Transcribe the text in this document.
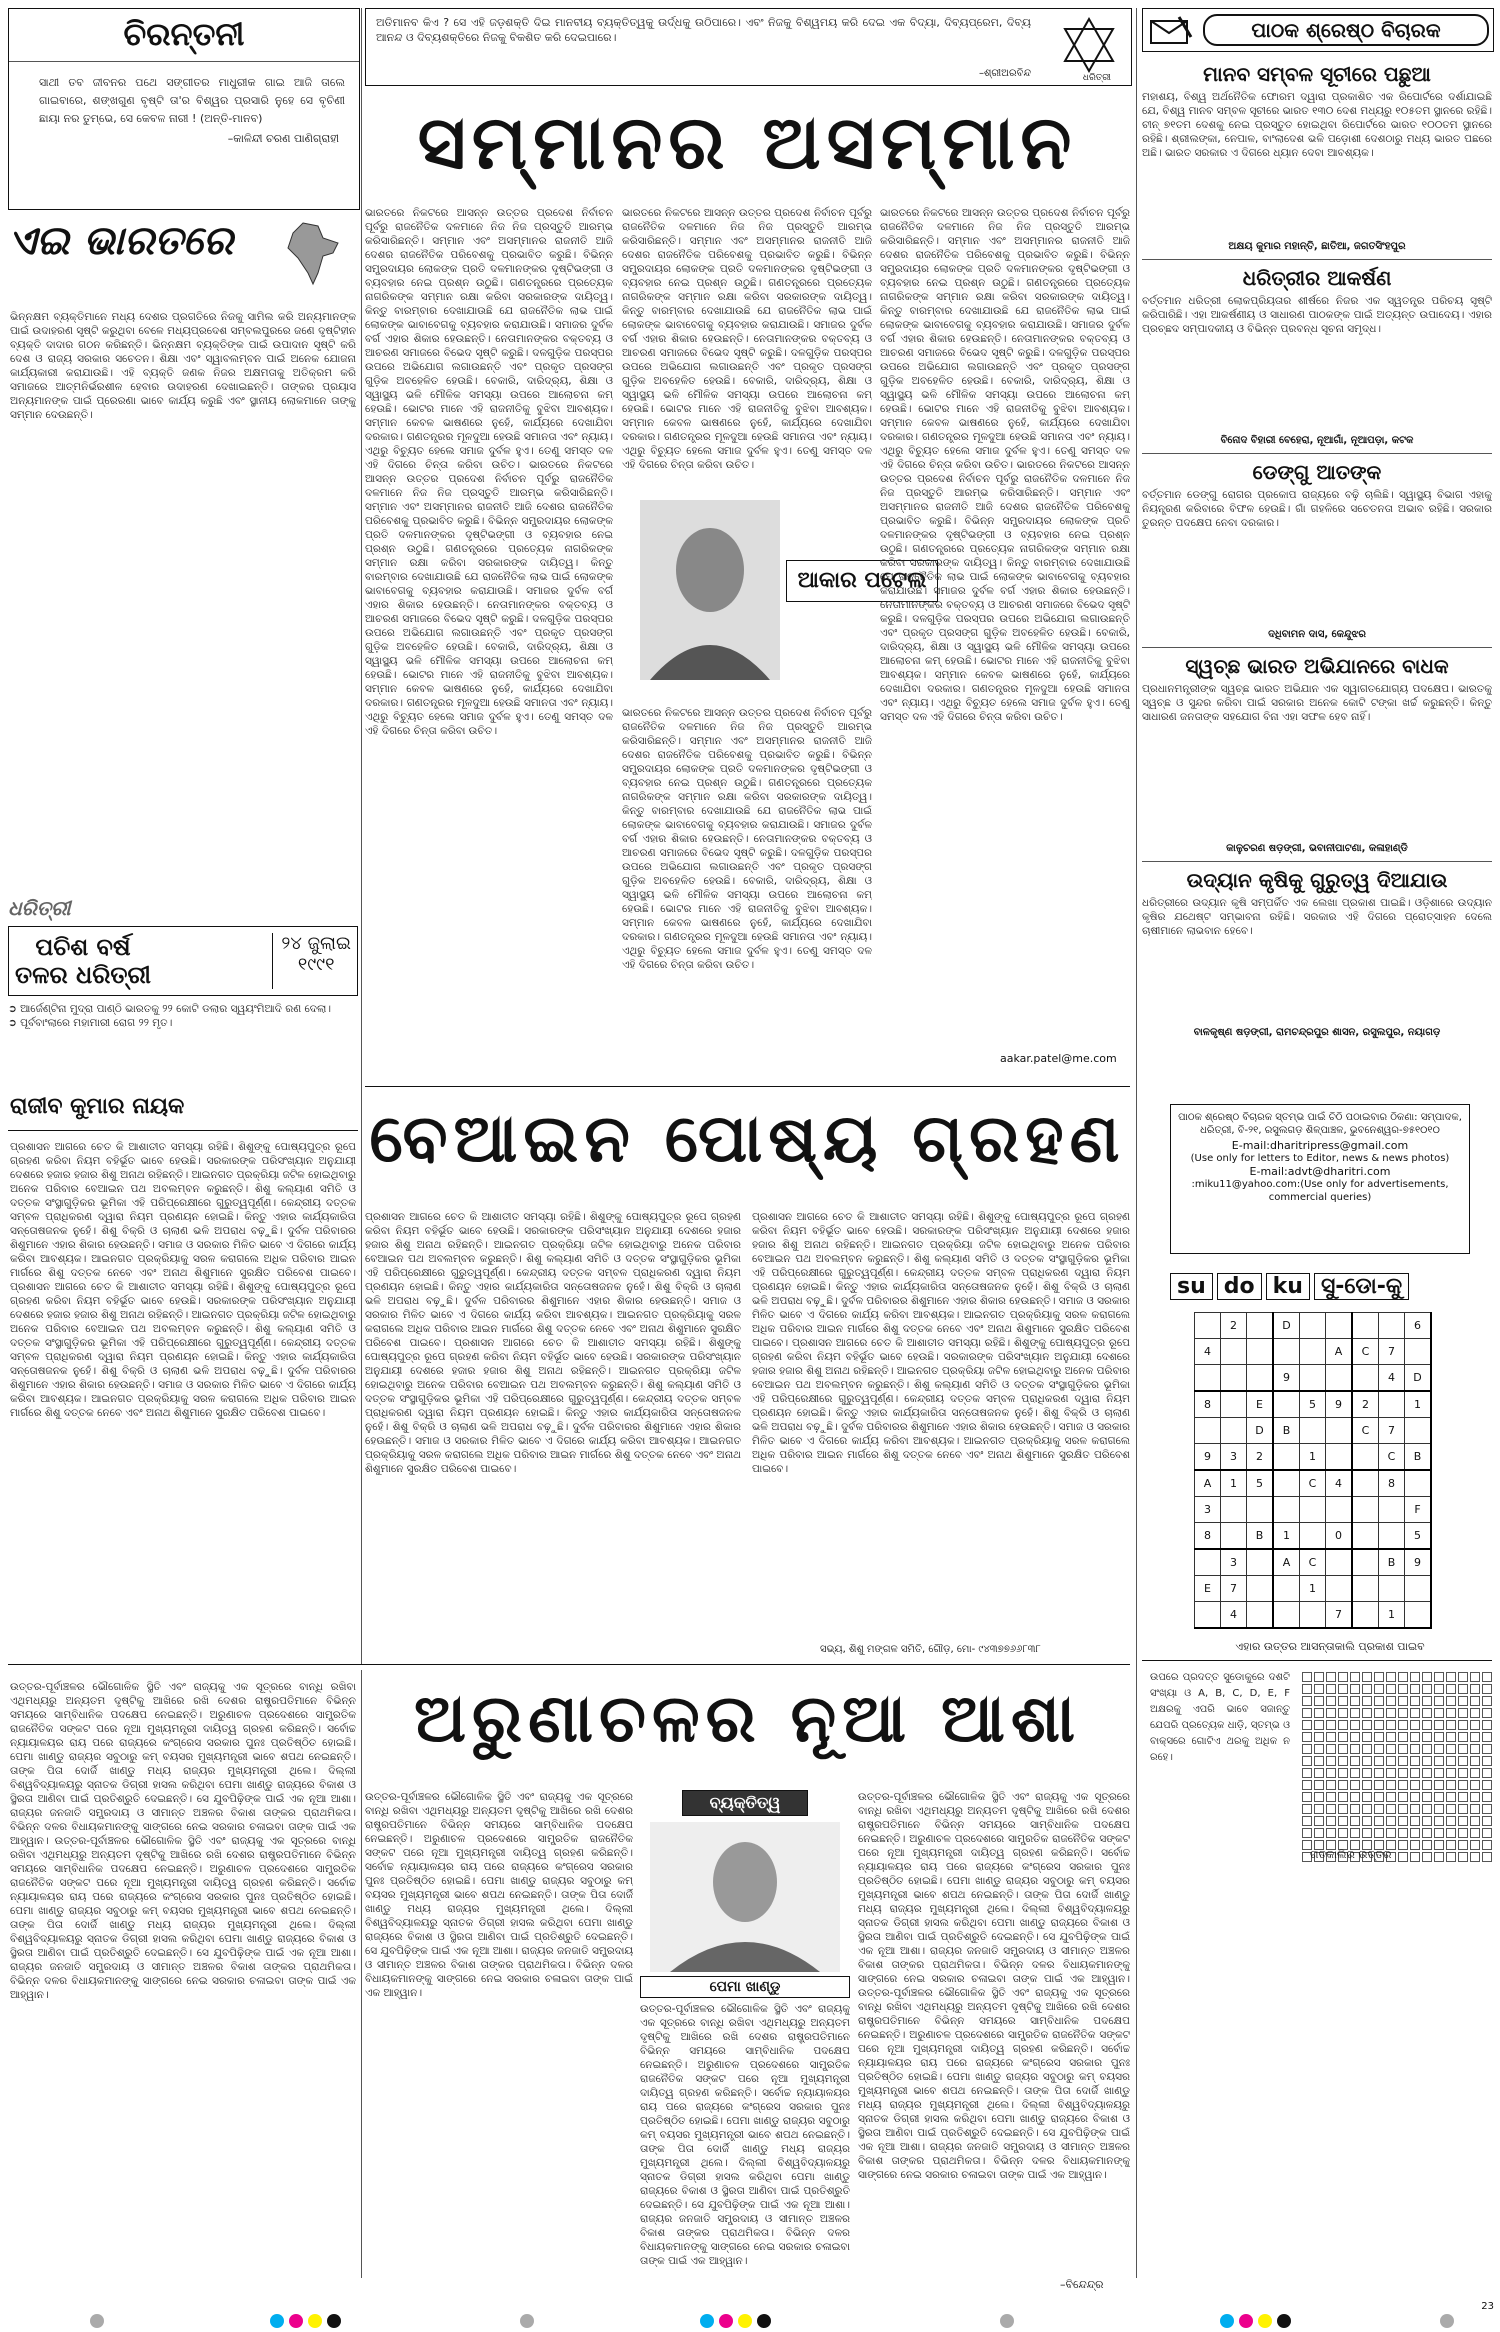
ଚିରନ୍ତନୀ
ସାଥୀ ତବ ଜୀବନର ପଥେ ସଙ୍ଗୀତର ମାଧୁରୀକ ଗାଇ ଆଜି ତାଲେ ଗାଇବାରେ, ଶଙ୍ଖଗୁଣ ବୃଷ୍ଟି ତା'ର ବିଶ୍ୱର ପ୍ରସାରି ନୁହେ ସେ ବୃଚିଣୀ ଛାୟା ନର ତୁମ୍ଭେ, ସେ କେବଳ ନାରୀ ! (ଅନ୍ତି-ମାନବ)
–କାଳିନ୍ଦୀ ଚରଣ ପାଣିଗ୍ରାହୀ
ଏଇ ଭାରତରେ
ଭିନ୍ନକ୍ଷମ ବ୍ୟକ୍ତିମାନେ ମଧ୍ୟ ଦେଶର ପ୍ରଗତିରେ ନିଜକୁ ସାମିଲ କରି ଅନ୍ୟମାନଙ୍କ ପାଇଁ ଉଦାହରଣ ସୃଷ୍ଟି କରୁଥିବା ବେଳେ ମଧ୍ୟପ୍ରଦେଶ ସମ୍ବଲପୁରରେ ଜଣେ ଦୃଷ୍ଟିହୀନ ବ୍ୟକ୍ତି ଦାଦାର ଗଠନ କରିଛନ୍ତି। ଭିନ୍ନକ୍ଷମ ବ୍ୟକ୍ତିଙ୍କ ପାଇଁ ଉପାଦାନ ସୃଷ୍ଟି କରି ଦେଶ ଓ ରାଜ୍ୟ ସରକାର ସଚେତନ। ଶିକ୍ଷା ଏବଂ ସ୍ୱାବଲମ୍ବନ ପାଇଁ ଅନେକ ଯୋଜନା କାର୍ଯ୍ୟକାରୀ କରାଯାଉଛି। ଏହି ବ୍ୟକ୍ତି ଜଣକ ନିଜର ଅକ୍ଷମତାକୁ ଅତିକ୍ରମ କରି ସମାଜରେ ଆତ୍ମନିର୍ଭରଶୀଳ ହେବାର ଉଦାହରଣ ଦେଖାଇଛନ୍ତି। ତାଙ୍କର ପ୍ରୟାସ ଅନ୍ୟମାନଙ୍କ ପାଇଁ ପ୍ରେରଣା ଭାବେ କାର୍ଯ୍ୟ କରୁଛି ଏବଂ ସ୍ଥାନୀୟ ଲୋକମାନେ ତାଙ୍କୁ ସମ୍ମାନ ଦେଉଛନ୍ତି।
ଧରିତ୍ରୀ
ପଚିଶ ବର୍ଷ
ତଳର ଧରିତ୍ରୀ
୨୪ ଜୁଲାଇ
୧୯୯୧
➲ ଆର୍ଜେଣ୍ଟିନା ମୁଦ୍ରା ପାଣ୍ଠି ଭାରତକୁ ୨୨ କୋଟି ଡଲାର ସ୍ୱୟଂମିଆଦି ରଣ ଦେଲା।
➲ ପୂର୍ବବାଂଲାରେ ମହାମାରୀ ରୋଗ ୨୨ ମୃତ।
ଅତିମାନବ କିଏ ? ସେ ଏହି ଜଡ଼ଶକ୍ତି ଦିଇ ମାନବୀୟ ବ୍ୟକ୍ତିତ୍ୱକୁ ଉର୍ଦ୍ଧକୁ ଉଠିପାରେ। ଏବଂ ନିଜକୁ ବିଶ୍ୱମୟ କରି ଦେଇ ଏକ ବିଦ୍ୟା, ଦିବ୍ୟପ୍ରେମ, ଦିବ୍ୟ ଆନନ୍ଦ ଓ ଦିବ୍ୟଶକ୍ତିରେ ନିଜକୁ ବିକଶିତ କରି ଦେଇପାରେ।
–ଶ୍ରୀଅରବିନ୍ଦ	ଧରିତ୍ରୀ
ସମ୍ମାନର ଅସମ୍ମାନ
ଭାରତରେ ନିକଟରେ ଆସନ୍ନ ଉତ୍ତର ପ୍ରଦେଶ ନିର୍ବାଚନ ପୂର୍ବରୁ ରାଜନୈତିକ ଦଳମାନେ ନିଜ ନିଜ ପ୍ରସ୍ତୁତି ଆରମ୍ଭ କରିସାରିଛନ୍ତି। ସମ୍ମାନ ଏବଂ ଅସମ୍ମାନର ରାଜନୀତି ଆଜି ଦେଶର ରାଜନୈତିକ ପରିବେଶକୁ ପ୍ରଭାବିତ କରୁଛି। ବିଭିନ୍ନ ସମ୍ପ୍ରଦାୟର ଲୋକଙ୍କ ପ୍ରତି ଦଳମାନଙ୍କର ଦୃଷ୍ଟିଭଙ୍ଗୀ ଓ ବ୍ୟବହାର ନେଇ ପ୍ରଶ୍ନ ଉଠୁଛି। ଗଣତନ୍ତ୍ରରେ ପ୍ରତ୍ୟେକ ନାଗରିକଙ୍କ ସମ୍ମାନ ରକ୍ଷା କରିବା ସରକାରଙ୍କ ଦାୟିତ୍ୱ। କିନ୍ତୁ ବାରମ୍ବାର ଦେଖାଯାଉଛି ଯେ ରାଜନୈତିକ ଲାଭ ପାଇଁ ଲୋକଙ୍କ ଭାବାବେଗକୁ ବ୍ୟବହାର କରାଯାଉଛି। ସମାଜର ଦୁର୍ବଳ ବର୍ଗ ଏହାର ଶିକାର ହେଉଛନ୍ତି। ନେତାମାନଙ୍କର ବକ୍ତବ୍ୟ ଓ ଆଚରଣ ସମାଜରେ ବିଭେଦ ସୃଷ୍ଟି କରୁଛି। ଦଳଗୁଡ଼ିକ ପରସ୍ପର ଉପରେ ଅଭିଯୋଗ ଲଗାଉଛନ୍ତି ଏବଂ ପ୍ରକୃତ ପ୍ରସଙ୍ଗ ଗୁଡ଼ିକ ଅବହେଳିତ ହେଉଛି। ବେକାରି, ଦାରିଦ୍ର୍ୟ, ଶିକ୍ଷା ଓ ସ୍ୱାସ୍ଥ୍ୟ ଭଳି ମୌଳିକ ସମସ୍ୟା ଉପରେ ଆଲୋଚନା କମ୍ ହେଉଛି। ଭୋଟର ମାନେ ଏହି ରାଜନୀତିକୁ ବୁଝିବା ଆବଶ୍ୟକ। ସମ୍ମାନ କେବଳ ଭାଷଣରେ ନୁହେଁ, କାର୍ଯ୍ୟରେ ଦେଖାଯିବା ଦରକାର। ଗଣତନ୍ତ୍ରର ମୂଳଦୁଆ ହେଉଛି ସମାନତା ଏବଂ ନ୍ୟାୟ। ଏଥିରୁ ବିଚ୍ୟୁତ ହେଲେ ସମାଜ ଦୁର୍ବଳ ହୁଏ। ତେଣୁ ସମସ୍ତ ଦଳ ଏହି ଦିଗରେ ଚିନ୍ତା କରିବା ଉଚିତ। ଭାରତରେ ନିକଟରେ ଆସନ୍ନ ଉତ୍ତର ପ୍ରଦେଶ ନିର୍ବାଚନ ପୂର୍ବରୁ ରାଜନୈତିକ ଦଳମାନେ ନିଜ ନିଜ ପ୍ରସ୍ତୁତି ଆରମ୍ଭ କରିସାରିଛନ୍ତି। ସମ୍ମାନ ଏବଂ ଅସମ୍ମାନର ରାଜନୀତି ଆଜି ଦେଶର ରାଜନୈତିକ ପରିବେଶକୁ ପ୍ରଭାବିତ କରୁଛି। ବିଭିନ୍ନ ସମ୍ପ୍ରଦାୟର ଲୋକଙ୍କ ପ୍ରତି ଦଳମାନଙ୍କର ଦୃଷ୍ଟିଭଙ୍ଗୀ ଓ ବ୍ୟବହାର ନେଇ ପ୍ରଶ୍ନ ଉଠୁଛି। ଗଣତନ୍ତ୍ରରେ ପ୍ରତ୍ୟେକ ନାଗରିକଙ୍କ ସମ୍ମାନ ରକ୍ଷା କରିବା ସରକାରଙ୍କ ଦାୟିତ୍ୱ। କିନ୍ତୁ ବାରମ୍ବାର ଦେଖାଯାଉଛି ଯେ ରାଜନୈତିକ ଲାଭ ପାଇଁ ଲୋକଙ୍କ ଭାବାବେଗକୁ ବ୍ୟବହାର କରାଯାଉଛି। ସମାଜର ଦୁର୍ବଳ ବର୍ଗ ଏହାର ଶିକାର ହେଉଛନ୍ତି। ନେତାମାନଙ୍କର ବକ୍ତବ୍ୟ ଓ ଆଚରଣ ସମାଜରେ ବିଭେଦ ସୃଷ୍ଟି କରୁଛି। ଦଳଗୁଡ଼ିକ ପରସ୍ପର ଉପରେ ଅଭିଯୋଗ ଲଗାଉଛନ୍ତି ଏବଂ ପ୍ରକୃତ ପ୍ରସଙ୍ଗ ଗୁଡ଼ିକ ଅବହେଳିତ ହେଉଛି। ବେକାରି, ଦାରିଦ୍ର୍ୟ, ଶିକ୍ଷା ଓ ସ୍ୱାସ୍ଥ୍ୟ ଭଳି ମୌଳିକ ସମସ୍ୟା ଉପରେ ଆଲୋଚନା କମ୍ ହେଉଛି। ଭୋଟର ମାନେ ଏହି ରାଜନୀତିକୁ ବୁଝିବା ଆବଶ୍ୟକ। ସମ୍ମାନ କେବଳ ଭାଷଣରେ ନୁହେଁ, କାର୍ଯ୍ୟରେ ଦେଖାଯିବା ଦରକାର। ଗଣତନ୍ତ୍ରର ମୂଳଦୁଆ ହେଉଛି ସମାନତା ଏବଂ ନ୍ୟାୟ। ଏଥିରୁ ବିଚ୍ୟୁତ ହେଲେ ସମାଜ ଦୁର୍ବଳ ହୁଏ। ତେଣୁ ସମସ୍ତ ଦଳ ଏହି ଦିଗରେ ଚିନ୍ତା କରିବା ଉଚିତ।
ଭାରତରେ ନିକଟରେ ଆସନ୍ନ ଉତ୍ତର ପ୍ରଦେଶ ନିର୍ବାଚନ ପୂର୍ବରୁ ରାଜନୈତିକ ଦଳମାନେ ନିଜ ନିଜ ପ୍ରସ୍ତୁତି ଆରମ୍ଭ କରିସାରିଛନ୍ତି। ସମ୍ମାନ ଏବଂ ଅସମ୍ମାନର ରାଜନୀତି ଆଜି ଦେଶର ରାଜନୈତିକ ପରିବେଶକୁ ପ୍ରଭାବିତ କରୁଛି। ବିଭିନ୍ନ ସମ୍ପ୍ରଦାୟର ଲୋକଙ୍କ ପ୍ରତି ଦଳମାନଙ୍କର ଦୃଷ୍ଟିଭଙ୍ଗୀ ଓ ବ୍ୟବହାର ନେଇ ପ୍ରଶ୍ନ ଉଠୁଛି। ଗଣତନ୍ତ୍ରରେ ପ୍ରତ୍ୟେକ ନାଗରିକଙ୍କ ସମ୍ମାନ ରକ୍ଷା କରିବା ସରକାରଙ୍କ ଦାୟିତ୍ୱ। କିନ୍ତୁ ବାରମ୍ବାର ଦେଖାଯାଉଛି ଯେ ରାଜନୈତିକ ଲାଭ ପାଇଁ ଲୋକଙ୍କ ଭାବାବେଗକୁ ବ୍ୟବହାର କରାଯାଉଛି। ସମାଜର ଦୁର୍ବଳ ବର୍ଗ ଏହାର ଶିକାର ହେଉଛନ୍ତି। ନେତାମାନଙ୍କର ବକ୍ତବ୍ୟ ଓ ଆଚରଣ ସମାଜରେ ବିଭେଦ ସୃଷ୍ଟି କରୁଛି। ଦଳଗୁଡ଼ିକ ପରସ୍ପର ଉପରେ ଅଭିଯୋଗ ଲଗାଉଛନ୍ତି ଏବଂ ପ୍ରକୃତ ପ୍ରସଙ୍ଗ ଗୁଡ଼ିକ ଅବହେଳିତ ହେଉଛି। ବେକାରି, ଦାରିଦ୍ର୍ୟ, ଶିକ୍ଷା ଓ ସ୍ୱାସ୍ଥ୍ୟ ଭଳି ମୌଳିକ ସମସ୍ୟା ଉପରେ ଆଲୋଚନା କମ୍ ହେଉଛି। ଭୋଟର ମାନେ ଏହି ରାଜନୀତିକୁ ବୁଝିବା ଆବଶ୍ୟକ। ସମ୍ମାନ କେବଳ ଭାଷଣରେ ନୁହେଁ, କାର୍ଯ୍ୟରେ ଦେଖାଯିବା ଦରକାର। ଗଣତନ୍ତ୍ରର ମୂଳଦୁଆ ହେଉଛି ସମାନତା ଏବଂ ନ୍ୟାୟ। ଏଥିରୁ ବିଚ୍ୟୁତ ହେଲେ ସମାଜ ଦୁର୍ବଳ ହୁଏ। ତେଣୁ ସମସ୍ତ ଦଳ ଏହି ଦିଗରେ ଚିନ୍ତା କରିବା ଉଚିତ।
ଭାରତରେ ନିକଟରେ ଆସନ୍ନ ଉତ୍ତର ପ୍ରଦେଶ ନିର୍ବାଚନ ପୂର୍ବରୁ ରାଜନୈତିକ ଦଳମାନେ ନିଜ ନିଜ ପ୍ରସ୍ତୁତି ଆରମ୍ଭ କରିସାରିଛନ୍ତି। ସମ୍ମାନ ଏବଂ ଅସମ୍ମାନର ରାଜନୀତି ଆଜି ଦେଶର ରାଜନୈତିକ ପରିବେଶକୁ ପ୍ରଭାବିତ କରୁଛି। ବିଭିନ୍ନ ସମ୍ପ୍ରଦାୟର ଲୋକଙ୍କ ପ୍ରତି ଦଳମାନଙ୍କର ଦୃଷ୍ଟିଭଙ୍ଗୀ ଓ ବ୍ୟବହାର ନେଇ ପ୍ରଶ୍ନ ଉଠୁଛି। ଗଣତନ୍ତ୍ରରେ ପ୍ରତ୍ୟେକ ନାଗରିକଙ୍କ ସମ୍ମାନ ରକ୍ଷା କରିବା ସରକାରଙ୍କ ଦାୟିତ୍ୱ। କିନ୍ତୁ ବାରମ୍ବାର ଦେଖାଯାଉଛି ଯେ ରାଜନୈତିକ ଲାଭ ପାଇଁ ଲୋକଙ୍କ ଭାବାବେଗକୁ ବ୍ୟବହାର କରାଯାଉଛି। ସମାଜର ଦୁର୍ବଳ ବର୍ଗ ଏହାର ଶିକାର ହେଉଛନ୍ତି। ନେତାମାନଙ୍କର ବକ୍ତବ୍ୟ ଓ ଆଚରଣ ସମାଜରେ ବିଭେଦ ସୃଷ୍ଟି କରୁଛି। ଦଳଗୁଡ଼ିକ ପରସ୍ପର ଉପରେ ଅଭିଯୋଗ ଲଗାଉଛନ୍ତି ଏବଂ ପ୍ରକୃତ ପ୍ରସଙ୍ଗ ଗୁଡ଼ିକ ଅବହେଳିତ ହେଉଛି। ବେକାରି, ଦାରିଦ୍ର୍ୟ, ଶିକ୍ଷା ଓ ସ୍ୱାସ୍ଥ୍ୟ ଭଳି ମୌଳିକ ସମସ୍ୟା ଉପରେ ଆଲୋଚନା କମ୍ ହେଉଛି। ଭୋଟର ମାନେ ଏହି ରାଜନୀତିକୁ ବୁଝିବା ଆବଶ୍ୟକ। ସମ୍ମାନ କେବଳ ଭାଷଣରେ ନୁହେଁ, କାର୍ଯ୍ୟରେ ଦେଖାଯିବା ଦରକାର। ଗଣତନ୍ତ୍ରର ମୂଳଦୁଆ ହେଉଛି ସମାନତା ଏବଂ ନ୍ୟାୟ। ଏଥିରୁ ବିଚ୍ୟୁତ ହେଲେ ସମାଜ ଦୁର୍ବଳ ହୁଏ। ତେଣୁ ସମସ୍ତ ଦଳ ଏହି ଦିଗରେ ଚିନ୍ତା କରିବା ଉଚିତ।
ଆକାର ପଟେଲ
ଭାରତରେ ନିକଟରେ ଆସନ୍ନ ଉତ୍ତର ପ୍ରଦେଶ ନିର୍ବାଚନ ପୂର୍ବରୁ ରାଜନୈତିକ ଦଳମାନେ ନିଜ ନିଜ ପ୍ରସ୍ତୁତି ଆରମ୍ଭ କରିସାରିଛନ୍ତି। ସମ୍ମାନ ଏବଂ ଅସମ୍ମାନର ରାଜନୀତି ଆଜି ଦେଶର ରାଜନୈତିକ ପରିବେଶକୁ ପ୍ରଭାବିତ କରୁଛି। ବିଭିନ୍ନ ସମ୍ପ୍ରଦାୟର ଲୋକଙ୍କ ପ୍ରତି ଦଳମାନଙ୍କର ଦୃଷ୍ଟିଭଙ୍ଗୀ ଓ ବ୍ୟବହାର ନେଇ ପ୍ରଶ୍ନ ଉଠୁଛି। ଗଣତନ୍ତ୍ରରେ ପ୍ରତ୍ୟେକ ନାଗରିକଙ୍କ ସମ୍ମାନ ରକ୍ଷା କରିବା ସରକାରଙ୍କ ଦାୟିତ୍ୱ। କିନ୍ତୁ ବାରମ୍ବାର ଦେଖାଯାଉଛି ଯେ ରାଜନୈତିକ ଲାଭ ପାଇଁ ଲୋକଙ୍କ ଭାବାବେଗକୁ ବ୍ୟବହାର କରାଯାଉଛି। ସମାଜର ଦୁର୍ବଳ ବର୍ଗ ଏହାର ଶିକାର ହେଉଛନ୍ତି। ନେତାମାନଙ୍କର ବକ୍ତବ୍ୟ ଓ ଆଚରଣ ସମାଜରେ ବିଭେଦ ସୃଷ୍ଟି କରୁଛି। ଦଳଗୁଡ଼ିକ ପରସ୍ପର ଉପରେ ଅଭିଯୋଗ ଲଗାଉଛନ୍ତି ଏବଂ ପ୍ରକୃତ ପ୍ରସଙ୍ଗ ଗୁଡ଼ିକ ଅବହେଳିତ ହେଉଛି। ବେକାରି, ଦାରିଦ୍ର୍ୟ, ଶିକ୍ଷା ଓ ସ୍ୱାସ୍ଥ୍ୟ ଭଳି ମୌଳିକ ସମସ୍ୟା ଉପରେ ଆଲୋଚନା କମ୍ ହେଉଛି। ଭୋଟର ମାନେ ଏହି ରାଜନୀତିକୁ ବୁଝିବା ଆବଶ୍ୟକ। ସମ୍ମାନ କେବଳ ଭାଷଣରେ ନୁହେଁ, କାର୍ଯ୍ୟରେ ଦେଖାଯିବା ଦରକାର। ଗଣତନ୍ତ୍ରର ମୂଳଦୁଆ ହେଉଛି ସମାନତା ଏବଂ ନ୍ୟାୟ। ଏଥିରୁ ବିଚ୍ୟୁତ ହେଲେ ସମାଜ ଦୁର୍ବଳ ହୁଏ। ତେଣୁ ସମସ୍ତ ଦଳ ଏହି ଦିଗରେ ଚିନ୍ତା କରିବା ଉଚିତ। ଭାରତରେ ନିକଟରେ ଆସନ୍ନ ଉତ୍ତର ପ୍ରଦେଶ ନିର୍ବାଚନ ପୂର୍ବରୁ ରାଜନୈତିକ ଦଳମାନେ ନିଜ ନିଜ ପ୍ରସ୍ତୁତି ଆରମ୍ଭ କରିସାରିଛନ୍ତି। ସମ୍ମାନ ଏବଂ ଅସମ୍ମାନର ରାଜନୀତି ଆଜି ଦେଶର ରାଜନୈତିକ ପରିବେଶକୁ ପ୍ରଭାବିତ କରୁଛି। ବିଭିନ୍ନ ସମ୍ପ୍ରଦାୟର ଲୋକଙ୍କ ପ୍ରତି ଦଳମାନଙ୍କର ଦୃଷ୍ଟିଭଙ୍ଗୀ ଓ ବ୍ୟବହାର ନେଇ ପ୍ରଶ୍ନ ଉଠୁଛି। ଗଣତନ୍ତ୍ରରେ ପ୍ରତ୍ୟେକ ନାଗରିକଙ୍କ ସମ୍ମାନ ରକ୍ଷା କରିବା ସରକାରଙ୍କ ଦାୟିତ୍ୱ। କିନ୍ତୁ ବାରମ୍ବାର ଦେଖାଯାଉଛି ଯେ ରାଜନୈତିକ ଲାଭ ପାଇଁ ଲୋକଙ୍କ ଭାବାବେଗକୁ ବ୍ୟବହାର କରାଯାଉଛି। ସମାଜର ଦୁର୍ବଳ ବର୍ଗ ଏହାର ଶିକାର ହେଉଛନ୍ତି। ନେତାମାନଙ୍କର ବକ୍ତବ୍ୟ ଓ ଆଚରଣ ସମାଜରେ ବିଭେଦ ସୃଷ୍ଟି କରୁଛି। ଦଳଗୁଡ଼ିକ ପରସ୍ପର ଉପରେ ଅଭିଯୋଗ ଲଗାଉଛନ୍ତି ଏବଂ ପ୍ରକୃତ ପ୍ରସଙ୍ଗ ଗୁଡ଼ିକ ଅବହେଳିତ ହେଉଛି। ବେକାରି, ଦାରିଦ୍ର୍ୟ, ଶିକ୍ଷା ଓ ସ୍ୱାସ୍ଥ୍ୟ ଭଳି ମୌଳିକ ସମସ୍ୟା ଉପରେ ଆଲୋଚନା କମ୍ ହେଉଛି। ଭୋଟର ମାନେ ଏହି ରାଜନୀତିକୁ ବୁଝିବା ଆବଶ୍ୟକ। ସମ୍ମାନ କେବଳ ଭାଷଣରେ ନୁହେଁ, କାର୍ଯ୍ୟରେ ଦେଖାଯିବା ଦରକାର। ଗଣତନ୍ତ୍ରର ମୂଳଦୁଆ ହେଉଛି ସମାନତା ଏବଂ ନ୍ୟାୟ। ଏଥିରୁ ବିଚ୍ୟୁତ ହେଲେ ସମାଜ ଦୁର୍ବଳ ହୁଏ। ତେଣୁ ସମସ୍ତ ଦଳ ଏହି ଦିଗରେ ଚିନ୍ତା କରିବା ଉଚିତ।
aakar.patel@me.com
ରାଜୀବ କୁମାର ନାୟକ	ବେଆଇନ ପୋଷ୍ୟ ଗ୍ରହଣ
ପ୍ରଶାସନ ଆଗରେ ଚେତ କି ଆଶାତୀତ ସମସ୍ୟା ରହିଛି। ଶିଶୁଙ୍କୁ ପୋଷ୍ୟପୁତ୍ର ରୂପେ ଗ୍ରହଣ କରିବା ନିୟମ ବହିର୍ଭୂତ ଭାବେ ହେଉଛି। ସରକାରଙ୍କ ପରିସଂଖ୍ୟାନ ଅନୁଯାୟୀ ଦେଶରେ ହଜାର ହଜାର ଶିଶୁ ଅନାଥ ରହିଛନ୍ତି। ଆଇନଗତ ପ୍ରକ୍ରିୟା ଜଟିଳ ହୋଇଥିବାରୁ ଅନେକ ପରିବାର ବେଆଇନ ପଥ ଅବଲମ୍ବନ କରୁଛନ୍ତି। ଶିଶୁ କଲ୍ୟାଣ ସମିତି ଓ ଦତ୍ତକ ସଂସ୍ଥାଗୁଡ଼ିକର ଭୂମିକା ଏହି ପରିପ୍ରେକ୍ଷୀରେ ଗୁରୁତ୍ୱପୂର୍ଣ୍ଣ। କେନ୍ଦ୍ରୀୟ ଦତ୍ତକ ସମ୍ବଳ ପ୍ରାଧିକରଣ ଦ୍ୱାରା ନିୟମ ପ୍ରଣୟନ ହୋଇଛି। କିନ୍ତୁ ଏହାର କାର୍ଯ୍ୟକାରିତା ସନ୍ତୋଷଜନକ ନୁହେଁ। ଶିଶୁ ବିକ୍ରି ଓ ଚାଲାଣ ଭଳି ଅପରାଧ ବଢ଼ୁଛି। ଦୁର୍ବଳ ପରିବାରର ଶିଶୁମାନେ ଏହାର ଶିକାର ହେଉଛନ୍ତି। ସମାଜ ଓ ସରକାର ମିଳିତ ଭାବେ ଏ ଦିଗରେ କାର୍ଯ୍ୟ କରିବା ଆବଶ୍ୟକ। ଆଇନଗତ ପ୍ରକ୍ରିୟାକୁ ସରଳ କରାଗଲେ ଅଧିକ ପରିବାର ଆଇନ ମାର୍ଗରେ ଶିଶୁ ଦତ୍ତକ ନେବେ ଏବଂ ଅନାଥ ଶିଶୁମାନେ ସୁରକ୍ଷିତ ପରିବେଶ ପାଇବେ। ପ୍ରଶାସନ ଆଗରେ ଚେତ କି ଆଶାତୀତ ସମସ୍ୟା ରହିଛି। ଶିଶୁଙ୍କୁ ପୋଷ୍ୟପୁତ୍ର ରୂପେ ଗ୍ରହଣ କରିବା ନିୟମ ବହିର୍ଭୂତ ଭାବେ ହେଉଛି। ସରକାରଙ୍କ ପରିସଂଖ୍ୟାନ ଅନୁଯାୟୀ ଦେଶରେ ହଜାର ହଜାର ଶିଶୁ ଅନାଥ ରହିଛନ୍ତି। ଆଇନଗତ ପ୍ରକ୍ରିୟା ଜଟିଳ ହୋଇଥିବାରୁ ଅନେକ ପରିବାର ବେଆଇନ ପଥ ଅବଲମ୍ବନ କରୁଛନ୍ତି। ଶିଶୁ କଲ୍ୟାଣ ସମିତି ଓ ଦତ୍ତକ ସଂସ୍ଥାଗୁଡ଼ିକର ଭୂମିକା ଏହି ପରିପ୍ରେକ୍ଷୀରେ ଗୁରୁତ୍ୱପୂର୍ଣ୍ଣ। କେନ୍ଦ୍ରୀୟ ଦତ୍ତକ ସମ୍ବଳ ପ୍ରାଧିକରଣ ଦ୍ୱାରା ନିୟମ ପ୍ରଣୟନ ହୋଇଛି। କିନ୍ତୁ ଏହାର କାର୍ଯ୍ୟକାରିତା ସନ୍ତୋଷଜନକ ନୁହେଁ। ଶିଶୁ ବିକ୍ରି ଓ ଚାଲାଣ ଭଳି ଅପରାଧ ବଢ଼ୁଛି। ଦୁର୍ବଳ ପରିବାରର ଶିଶୁମାନେ ଏହାର ଶିକାର ହେଉଛନ୍ତି। ସମାଜ ଓ ସରକାର ମିଳିତ ଭାବେ ଏ ଦିଗରେ କାର୍ଯ୍ୟ କରିବା ଆବଶ୍ୟକ। ଆଇନଗତ ପ୍ରକ୍ରିୟାକୁ ସରଳ କରାଗଲେ ଅଧିକ ପରିବାର ଆଇନ ମାର୍ଗରେ ଶିଶୁ ଦତ୍ତକ ନେବେ ଏବଂ ଅନାଥ ଶିଶୁମାନେ ସୁରକ୍ଷିତ ପରିବେଶ ପାଇବେ।
ପ୍ରଶାସନ ଆଗରେ ଚେତ କି ଆଶାତୀତ ସମସ୍ୟା ରହିଛି। ଶିଶୁଙ୍କୁ ପୋଷ୍ୟପୁତ୍ର ରୂପେ ଗ୍ରହଣ କରିବା ନିୟମ ବହିର୍ଭୂତ ଭାବେ ହେଉଛି। ସରକାରଙ୍କ ପରିସଂଖ୍ୟାନ ଅନୁଯାୟୀ ଦେଶରେ ହଜାର ହଜାର ଶିଶୁ ଅନାଥ ରହିଛନ୍ତି। ଆଇନଗତ ପ୍ରକ୍ରିୟା ଜଟିଳ ହୋଇଥିବାରୁ ଅନେକ ପରିବାର ବେଆଇନ ପଥ ଅବଲମ୍ବନ କରୁଛନ୍ତି। ଶିଶୁ କଲ୍ୟାଣ ସମିତି ଓ ଦତ୍ତକ ସଂସ୍ଥାଗୁଡ଼ିକର ଭୂମିକା ଏହି ପରିପ୍ରେକ୍ଷୀରେ ଗୁରୁତ୍ୱପୂର୍ଣ୍ଣ। କେନ୍ଦ୍ରୀୟ ଦତ୍ତକ ସମ୍ବଳ ପ୍ରାଧିକରଣ ଦ୍ୱାରା ନିୟମ ପ୍ରଣୟନ ହୋଇଛି। କିନ୍ତୁ ଏହାର କାର୍ଯ୍ୟକାରିତା ସନ୍ତୋଷଜନକ ନୁହେଁ। ଶିଶୁ ବିକ୍ରି ଓ ଚାଲାଣ ଭଳି ଅପରାଧ ବଢ଼ୁଛି। ଦୁର୍ବଳ ପରିବାରର ଶିଶୁମାନେ ଏହାର ଶିକାର ହେଉଛନ୍ତି। ସମାଜ ଓ ସରକାର ମିଳିତ ଭାବେ ଏ ଦିଗରେ କାର୍ଯ୍ୟ କରିବା ଆବଶ୍ୟକ। ଆଇନଗତ ପ୍ରକ୍ରିୟାକୁ ସରଳ କରାଗଲେ ଅଧିକ ପରିବାର ଆଇନ ମାର୍ଗରେ ଶିଶୁ ଦତ୍ତକ ନେବେ ଏବଂ ଅନାଥ ଶିଶୁମାନେ ସୁରକ୍ଷିତ ପରିବେଶ ପାଇବେ। ପ୍ରଶାସନ ଆଗରେ ଚେତ କି ଆଶାତୀତ ସମସ୍ୟା ରହିଛି। ଶିଶୁଙ୍କୁ ପୋଷ୍ୟପୁତ୍ର ରୂପେ ଗ୍ରହଣ କରିବା ନିୟମ ବହିର୍ଭୂତ ଭାବେ ହେଉଛି। ସରକାରଙ୍କ ପରିସଂଖ୍ୟାନ ଅନୁଯାୟୀ ଦେଶରେ ହଜାର ହଜାର ଶିଶୁ ଅନାଥ ରହିଛନ୍ତି। ଆଇନଗତ ପ୍ରକ୍ରିୟା ଜଟିଳ ହୋଇଥିବାରୁ ଅନେକ ପରିବାର ବେଆଇନ ପଥ ଅବଲମ୍ବନ କରୁଛନ୍ତି। ଶିଶୁ କଲ୍ୟାଣ ସମିତି ଓ ଦତ୍ତକ ସଂସ୍ଥାଗୁଡ଼ିକର ଭୂମିକା ଏହି ପରିପ୍ରେକ୍ଷୀରେ ଗୁରୁତ୍ୱପୂର୍ଣ୍ଣ। କେନ୍ଦ୍ରୀୟ ଦତ୍ତକ ସମ୍ବଳ ପ୍ରାଧିକରଣ ଦ୍ୱାରା ନିୟମ ପ୍ରଣୟନ ହୋଇଛି। କିନ୍ତୁ ଏହାର କାର୍ଯ୍ୟକାରିତା ସନ୍ତୋଷଜନକ ନୁହେଁ। ଶିଶୁ ବିକ୍ରି ଓ ଚାଲାଣ ଭଳି ଅପରାଧ ବଢ଼ୁଛି। ଦୁର୍ବଳ ପରିବାରର ଶିଶୁମାନେ ଏହାର ଶିକାର ହେଉଛନ୍ତି। ସମାଜ ଓ ସରକାର ମିଳିତ ଭାବେ ଏ ଦିଗରେ କାର୍ଯ୍ୟ କରିବା ଆବଶ୍ୟକ। ଆଇନଗତ ପ୍ରକ୍ରିୟାକୁ ସରଳ କରାଗଲେ ଅଧିକ ପରିବାର ଆଇନ ମାର୍ଗରେ ଶିଶୁ ଦତ୍ତକ ନେବେ ଏବଂ ଅନାଥ ଶିଶୁମାନେ ସୁରକ୍ଷିତ ପରିବେଶ ପାଇବେ।
ପ୍ରଶାସନ ଆଗରେ ଚେତ କି ଆଶାତୀତ ସମସ୍ୟା ରହିଛି। ଶିଶୁଙ୍କୁ ପୋଷ୍ୟପୁତ୍ର ରୂପେ ଗ୍ରହଣ କରିବା ନିୟମ ବହିର୍ଭୂତ ଭାବେ ହେଉଛି। ସରକାରଙ୍କ ପରିସଂଖ୍ୟାନ ଅନୁଯାୟୀ ଦେଶରେ ହଜାର ହଜାର ଶିଶୁ ଅନାଥ ରହିଛନ୍ତି। ଆଇନଗତ ପ୍ରକ୍ରିୟା ଜଟିଳ ହୋଇଥିବାରୁ ଅନେକ ପରିବାର ବେଆଇନ ପଥ ଅବଲମ୍ବନ କରୁଛନ୍ତି। ଶିଶୁ କଲ୍ୟାଣ ସମିତି ଓ ଦତ୍ତକ ସଂସ୍ଥାଗୁଡ଼ିକର ଭୂମିକା ଏହି ପରିପ୍ରେକ୍ଷୀରେ ଗୁରୁତ୍ୱପୂର୍ଣ୍ଣ। କେନ୍ଦ୍ରୀୟ ଦତ୍ତକ ସମ୍ବଳ ପ୍ରାଧିକରଣ ଦ୍ୱାରା ନିୟମ ପ୍ରଣୟନ ହୋଇଛି। କିନ୍ତୁ ଏହାର କାର୍ଯ୍ୟକାରିତା ସନ୍ତୋଷଜନକ ନୁହେଁ। ଶିଶୁ ବିକ୍ରି ଓ ଚାଲାଣ ଭଳି ଅପରାଧ ବଢ଼ୁଛି। ଦୁର୍ବଳ ପରିବାରର ଶିଶୁମାନେ ଏହାର ଶିକାର ହେଉଛନ୍ତି। ସମାଜ ଓ ସରକାର ମିଳିତ ଭାବେ ଏ ଦିଗରେ କାର୍ଯ୍ୟ କରିବା ଆବଶ୍ୟକ। ଆଇନଗତ ପ୍ରକ୍ରିୟାକୁ ସରଳ କରାଗଲେ ଅଧିକ ପରିବାର ଆଇନ ମାର୍ଗରେ ଶିଶୁ ଦତ୍ତକ ନେବେ ଏବଂ ଅନାଥ ଶିଶୁମାନେ ସୁରକ୍ଷିତ ପରିବେଶ ପାଇବେ। ପ୍ରଶାସନ ଆଗରେ ଚେତ କି ଆଶାତୀତ ସମସ୍ୟା ରହିଛି। ଶିଶୁଙ୍କୁ ପୋଷ୍ୟପୁତ୍ର ରୂପେ ଗ୍ରହଣ କରିବା ନିୟମ ବହିର୍ଭୂତ ଭାବେ ହେଉଛି। ସରକାରଙ୍କ ପରିସଂଖ୍ୟାନ ଅନୁଯାୟୀ ଦେଶରେ ହଜାର ହଜାର ଶିଶୁ ଅନାଥ ରହିଛନ୍ତି। ଆଇନଗତ ପ୍ରକ୍ରିୟା ଜଟିଳ ହୋଇଥିବାରୁ ଅନେକ ପରିବାର ବେଆଇନ ପଥ ଅବଲମ୍ବନ କରୁଛନ୍ତି। ଶିଶୁ କଲ୍ୟାଣ ସମିତି ଓ ଦତ୍ତକ ସଂସ୍ଥାଗୁଡ଼ିକର ଭୂମିକା ଏହି ପରିପ୍ରେକ୍ଷୀରେ ଗୁରୁତ୍ୱପୂର୍ଣ୍ଣ। କେନ୍ଦ୍ରୀୟ ଦତ୍ତକ ସମ୍ବଳ ପ୍ରାଧିକରଣ ଦ୍ୱାରା ନିୟମ ପ୍ରଣୟନ ହୋଇଛି। କିନ୍ତୁ ଏହାର କାର୍ଯ୍ୟକାରିତା ସନ୍ତୋଷଜନକ ନୁହେଁ। ଶିଶୁ ବିକ୍ରି ଓ ଚାଲାଣ ଭଳି ଅପରାଧ ବଢ଼ୁଛି। ଦୁର୍ବଳ ପରିବାରର ଶିଶୁମାନେ ଏହାର ଶିକାର ହେଉଛନ୍ତି। ସମାଜ ଓ ସରକାର ମିଳିତ ଭାବେ ଏ ଦିଗରେ କାର୍ଯ୍ୟ କରିବା ଆବଶ୍ୟକ। ଆଇନଗତ ପ୍ରକ୍ରିୟାକୁ ସରଳ କରାଗଲେ ଅଧିକ ପରିବାର ଆଇନ ମାର୍ଗରେ ଶିଶୁ ଦତ୍ତକ ନେବେ ଏବଂ ଅନାଥ ଶିଶୁମାନେ ସୁରକ୍ଷିତ ପରିବେଶ ପାଇବେ।
ସଭ୍ୟ, ଶିଶୁ ମଙ୍ଗଳ ସମିତି, ଗୌଡ଼, ମୋ- ୯୪୩୭୭୬୬୮୩୮
ଅରୁଣାଚଳର ନୂଆ ଆଶା
ଉତ୍ତର-ପୂର୍ବାଞ୍ଚଳର ଭୌଗୋଳିକ ସ୍ଥିତି ଏବଂ ରାଜ୍ୟକୁ ଏକ ସୂତ୍ରରେ ବାନ୍ଧି ରଖିବା ଏଥିମଧ୍ୟରୁ ଅନ୍ୟତମ ଦୃଷ୍ଟିକୁ ଆଖିରେ ରଖି ଦେଶର ରାଷ୍ଟ୍ରପତିମାନେ ବିଭିନ୍ନ ସମୟରେ ସାମ୍ବିଧାନିକ ପଦକ୍ଷେପ ନେଇଛନ୍ତି। ଅରୁଣାଚଳ ପ୍ରଦେଶରେ ସାମ୍ପ୍ରତିକ ରାଜନୈତିକ ସଙ୍କଟ ପରେ ନୂଆ ମୁଖ୍ୟମନ୍ତ୍ରୀ ଦାୟିତ୍ୱ ଗ୍ରହଣ କରିଛନ୍ତି। ସର୍ବୋଚ୍ଚ ନ୍ୟାୟାଳୟର ରାୟ ପରେ ରାଜ୍ୟରେ କଂଗ୍ରେସ ସରକାର ପୁନଃ ପ୍ରତିଷ୍ଠିତ ହୋଇଛି। ପେମା ଖାଣ୍ଡୁ ରାଜ୍ୟର ସବୁଠାରୁ କମ୍ ବୟସର ମୁଖ୍ୟମନ୍ତ୍ରୀ ଭାବେ ଶପଥ ନେଇଛନ୍ତି। ତାଙ୍କ ପିତା ଦୋର୍ଜି ଖାଣ୍ଡୁ ମଧ୍ୟ ରାଜ୍ୟର ମୁଖ୍ୟମନ୍ତ୍ରୀ ଥିଲେ। ଦିଲ୍ଲୀ ବିଶ୍ୱବିଦ୍ୟାଳୟରୁ ସ୍ନାତକ ଡିଗ୍ରୀ ହାସଲ କରିଥିବା ପେମା ଖାଣ୍ଡୁ ରାଜ୍ୟରେ ବିକାଶ ଓ ସ୍ଥିରତା ଆଣିବା ପାଇଁ ପ୍ରତିଶ୍ରୁତି ଦେଇଛନ୍ତି। ସେ ଯୁବପିଢ଼ିଙ୍କ ପାଇଁ ଏକ ନୂଆ ଆଶା। ରାଜ୍ୟର ଜନଜାତି ସମ୍ପ୍ରଦାୟ ଓ ସୀମାନ୍ତ ଅଞ୍ଚଳର ବିକାଶ ତାଙ୍କର ପ୍ରାଥମିକତା। ବିଭିନ୍ନ ଦଳର ବିଧାୟକମାନଙ୍କୁ ସାଙ୍ଗରେ ନେଇ ସରକାର ଚଳାଇବା ତାଙ୍କ ପାଇଁ ଏକ ଆହ୍ୱାନ। ଉତ୍ତର-ପୂର୍ବାଞ୍ଚଳର ଭୌଗୋଳିକ ସ୍ଥିତି ଏବଂ ରାଜ୍ୟକୁ ଏକ ସୂତ୍ରରେ ବାନ୍ଧି ରଖିବା ଏଥିମଧ୍ୟରୁ ଅନ୍ୟତମ ଦୃଷ୍ଟିକୁ ଆଖିରେ ରଖି ଦେଶର ରାଷ୍ଟ୍ରପତିମାନେ ବିଭିନ୍ନ ସମୟରେ ସାମ୍ବିଧାନିକ ପଦକ୍ଷେପ ନେଇଛନ୍ତି। ଅରୁଣାଚଳ ପ୍ରଦେଶରେ ସାମ୍ପ୍ରତିକ ରାଜନୈତିକ ସଙ୍କଟ ପରେ ନୂଆ ମୁଖ୍ୟମନ୍ତ୍ରୀ ଦାୟିତ୍ୱ ଗ୍ରହଣ କରିଛନ୍ତି। ସର୍ବୋଚ୍ଚ ନ୍ୟାୟାଳୟର ରାୟ ପରେ ରାଜ୍ୟରେ କଂଗ୍ରେସ ସରକାର ପୁନଃ ପ୍ରତିଷ୍ଠିତ ହୋଇଛି। ପେମା ଖାଣ୍ଡୁ ରାଜ୍ୟର ସବୁଠାରୁ କମ୍ ବୟସର ମୁଖ୍ୟମନ୍ତ୍ରୀ ଭାବେ ଶପଥ ନେଇଛନ୍ତି। ତାଙ୍କ ପିତା ଦୋର୍ଜି ଖାଣ୍ଡୁ ମଧ୍ୟ ରାଜ୍ୟର ମୁଖ୍ୟମନ୍ତ୍ରୀ ଥିଲେ। ଦିଲ୍ଲୀ ବିଶ୍ୱବିଦ୍ୟାଳୟରୁ ସ୍ନାତକ ଡିଗ୍ରୀ ହାସଲ କରିଥିବା ପେମା ଖାଣ୍ଡୁ ରାଜ୍ୟରେ ବିକାଶ ଓ ସ୍ଥିରତା ଆଣିବା ପାଇଁ ପ୍ରତିଶ୍ରୁତି ଦେଇଛନ୍ତି। ସେ ଯୁବପିଢ଼ିଙ୍କ ପାଇଁ ଏକ ନୂଆ ଆଶା। ରାଜ୍ୟର ଜନଜାତି ସମ୍ପ୍ରଦାୟ ଓ ସୀମାନ୍ତ ଅଞ୍ଚଳର ବିକାଶ ତାଙ୍କର ପ୍ରାଥମିକତା। ବିଭିନ୍ନ ଦଳର ବିଧାୟକମାନଙ୍କୁ ସାଙ୍ଗରେ ନେଇ ସରକାର ଚଳାଇବା ତାଙ୍କ ପାଇଁ ଏକ ଆହ୍ୱାନ।
ଉତ୍ତର-ପୂର୍ବାଞ୍ଚଳର ଭୌଗୋଳିକ ସ୍ଥିତି ଏବଂ ରାଜ୍ୟକୁ ଏକ ସୂତ୍ରରେ ବାନ୍ଧି ରଖିବା ଏଥିମଧ୍ୟରୁ ଅନ୍ୟତମ ଦୃଷ୍ଟିକୁ ଆଖିରେ ରଖି ଦେଶର ରାଷ୍ଟ୍ରପତିମାନେ ବିଭିନ୍ନ ସମୟରେ ସାମ୍ବିଧାନିକ ପଦକ୍ଷେପ ନେଇଛନ୍ତି। ଅରୁଣାଚଳ ପ୍ରଦେଶରେ ସାମ୍ପ୍ରତିକ ରାଜନୈତିକ ସଙ୍କଟ ପରେ ନୂଆ ମୁଖ୍ୟମନ୍ତ୍ରୀ ଦାୟିତ୍ୱ ଗ୍ରହଣ କରିଛନ୍ତି। ସର୍ବୋଚ୍ଚ ନ୍ୟାୟାଳୟର ରାୟ ପରେ ରାଜ୍ୟରେ କଂଗ୍ରେସ ସରକାର ପୁନଃ ପ୍ରତିଷ୍ଠିତ ହୋଇଛି। ପେମା ଖାଣ୍ଡୁ ରାଜ୍ୟର ସବୁଠାରୁ କମ୍ ବୟସର ମୁଖ୍ୟମନ୍ତ୍ରୀ ଭାବେ ଶପଥ ନେଇଛନ୍ତି। ତାଙ୍କ ପିତା ଦୋର୍ଜି ଖାଣ୍ଡୁ ମଧ୍ୟ ରାଜ୍ୟର ମୁଖ୍ୟମନ୍ତ୍ରୀ ଥିଲେ। ଦିଲ୍ଲୀ ବିଶ୍ୱବିଦ୍ୟାଳୟରୁ ସ୍ନାତକ ଡିଗ୍ରୀ ହାସଲ କରିଥିବା ପେମା ଖାଣ୍ଡୁ ରାଜ୍ୟରେ ବିକାଶ ଓ ସ୍ଥିରତା ଆଣିବା ପାଇଁ ପ୍ରତିଶ୍ରୁତି ଦେଇଛନ୍ତି। ସେ ଯୁବପିଢ଼ିଙ୍କ ପାଇଁ ଏକ ନୂଆ ଆଶା। ରାଜ୍ୟର ଜନଜାତି ସମ୍ପ୍ରଦାୟ ଓ ସୀମାନ୍ତ ଅଞ୍ଚଳର ବିକାଶ ତାଙ୍କର ପ୍ରାଥମିକତା। ବିଭିନ୍ନ ଦଳର ବିଧାୟକମାନଙ୍କୁ ସାଙ୍ଗରେ ନେଇ ସରକାର ଚଳାଇବା ତାଙ୍କ ପାଇଁ ଏକ ଆହ୍ୱାନ।
ବ୍ୟକ୍ତିତ୍ୱ
ପେମା ଖାଣ୍ଡୁ
ଉତ୍ତର-ପୂର୍ବାଞ୍ଚଳର ଭୌଗୋଳିକ ସ୍ଥିତି ଏବଂ ରାଜ୍ୟକୁ ଏକ ସୂତ୍ରରେ ବାନ୍ଧି ରଖିବା ଏଥିମଧ୍ୟରୁ ଅନ୍ୟତମ ଦୃଷ୍ଟିକୁ ଆଖିରେ ରଖି ଦେଶର ରାଷ୍ଟ୍ରପତିମାନେ ବିଭିନ୍ନ ସମୟରେ ସାମ୍ବିଧାନିକ ପଦକ୍ଷେପ ନେଇଛନ୍ତି। ଅରୁଣାଚଳ ପ୍ରଦେଶରେ ସାମ୍ପ୍ରତିକ ରାଜନୈତିକ ସଙ୍କଟ ପରେ ନୂଆ ମୁଖ୍ୟମନ୍ତ୍ରୀ ଦାୟିତ୍ୱ ଗ୍ରହଣ କରିଛନ୍ତି। ସର୍ବୋଚ୍ଚ ନ୍ୟାୟାଳୟର ରାୟ ପରେ ରାଜ୍ୟରେ କଂଗ୍ରେସ ସରକାର ପୁନଃ ପ୍ରତିଷ୍ଠିତ ହୋଇଛି। ପେମା ଖାଣ୍ଡୁ ରାଜ୍ୟର ସବୁଠାରୁ କମ୍ ବୟସର ମୁଖ୍ୟମନ୍ତ୍ରୀ ଭାବେ ଶପଥ ନେଇଛନ୍ତି। ତାଙ୍କ ପିତା ଦୋର୍ଜି ଖାଣ୍ଡୁ ମଧ୍ୟ ରାଜ୍ୟର ମୁଖ୍ୟମନ୍ତ୍ରୀ ଥିଲେ। ଦିଲ୍ଲୀ ବିଶ୍ୱବିଦ୍ୟାଳୟରୁ ସ୍ନାତକ ଡିଗ୍ରୀ ହାସଲ କରିଥିବା ପେମା ଖାଣ୍ଡୁ ରାଜ୍ୟରେ ବିକାଶ ଓ ସ୍ଥିରତା ଆଣିବା ପାଇଁ ପ୍ରତିଶ୍ରୁତି ଦେଇଛନ୍ତି। ସେ ଯୁବପିଢ଼ିଙ୍କ ପାଇଁ ଏକ ନୂଆ ଆଶା। ରାଜ୍ୟର ଜନଜାତି ସମ୍ପ୍ରଦାୟ ଓ ସୀମାନ୍ତ ଅଞ୍ଚଳର ବିକାଶ ତାଙ୍କର ପ୍ରାଥମିକତା। ବିଭିନ୍ନ ଦଳର ବିଧାୟକମାନଙ୍କୁ ସାଙ୍ଗରେ ନେଇ ସରକାର ଚଳାଇବା ତାଙ୍କ ପାଇଁ ଏକ ଆହ୍ୱାନ।
ଉତ୍ତର-ପୂର୍ବାଞ୍ଚଳର ଭୌଗୋଳିକ ସ୍ଥିତି ଏବଂ ରାଜ୍ୟକୁ ଏକ ସୂତ୍ରରେ ବାନ୍ଧି ରଖିବା ଏଥିମଧ୍ୟରୁ ଅନ୍ୟତମ ଦୃଷ୍ଟିକୁ ଆଖିରେ ରଖି ଦେଶର ରାଷ୍ଟ୍ରପତିମାନେ ବିଭିନ୍ନ ସମୟରେ ସାମ୍ବିଧାନିକ ପଦକ୍ଷେପ ନେଇଛନ୍ତି। ଅରୁଣାଚଳ ପ୍ରଦେଶରେ ସାମ୍ପ୍ରତିକ ରାଜନୈତିକ ସଙ୍କଟ ପରେ ନୂଆ ମୁଖ୍ୟମନ୍ତ୍ରୀ ଦାୟିତ୍ୱ ଗ୍ରହଣ କରିଛନ୍ତି। ସର୍ବୋଚ୍ଚ ନ୍ୟାୟାଳୟର ରାୟ ପରେ ରାଜ୍ୟରେ କଂଗ୍ରେସ ସରକାର ପୁନଃ ପ୍ରତିଷ୍ଠିତ ହୋଇଛି। ପେମା ଖାଣ୍ଡୁ ରାଜ୍ୟର ସବୁଠାରୁ କମ୍ ବୟସର ମୁଖ୍ୟମନ୍ତ୍ରୀ ଭାବେ ଶପଥ ନେଇଛନ୍ତି। ତାଙ୍କ ପିତା ଦୋର୍ଜି ଖାଣ୍ଡୁ ମଧ୍ୟ ରାଜ୍ୟର ମୁଖ୍ୟମନ୍ତ୍ରୀ ଥିଲେ। ଦିଲ୍ଲୀ ବିଶ୍ୱବିଦ୍ୟାଳୟରୁ ସ୍ନାତକ ଡିଗ୍ରୀ ହାସଲ କରିଥିବା ପେମା ଖାଣ୍ଡୁ ରାଜ୍ୟରେ ବିକାଶ ଓ ସ୍ଥିରତା ଆଣିବା ପାଇଁ ପ୍ରତିଶ୍ରୁତି ଦେଇଛନ୍ତି। ସେ ଯୁବପିଢ଼ିଙ୍କ ପାଇଁ ଏକ ନୂଆ ଆଶା। ରାଜ୍ୟର ଜନଜାତି ସମ୍ପ୍ରଦାୟ ଓ ସୀମାନ୍ତ ଅଞ୍ଚଳର ବିକାଶ ତାଙ୍କର ପ୍ରାଥମିକତା। ବିଭିନ୍ନ ଦଳର ବିଧାୟକମାନଙ୍କୁ ସାଙ୍ଗରେ ନେଇ ସରକାର ଚଳାଇବା ତାଙ୍କ ପାଇଁ ଏକ ଆହ୍ୱାନ। ଉତ୍ତର-ପୂର୍ବାଞ୍ଚଳର ଭୌଗୋଳିକ ସ୍ଥିତି ଏବଂ ରାଜ୍ୟକୁ ଏକ ସୂତ୍ରରେ ବାନ୍ଧି ରଖିବା ଏଥିମଧ୍ୟରୁ ଅନ୍ୟତମ ଦୃଷ୍ଟିକୁ ଆଖିରେ ରଖି ଦେଶର ରାଷ୍ଟ୍ରପତିମାନେ ବିଭିନ୍ନ ସମୟରେ ସାମ୍ବିଧାନିକ ପଦକ୍ଷେପ ନେଇଛନ୍ତି। ଅରୁଣାଚଳ ପ୍ରଦେଶରେ ସାମ୍ପ୍ରତିକ ରାଜନୈତିକ ସଙ୍କଟ ପରେ ନୂଆ ମୁଖ୍ୟମନ୍ତ୍ରୀ ଦାୟିତ୍ୱ ଗ୍ରହଣ କରିଛନ୍ତି। ସର୍ବୋଚ୍ଚ ନ୍ୟାୟାଳୟର ରାୟ ପରେ ରାଜ୍ୟରେ କଂଗ୍ରେସ ସରକାର ପୁନଃ ପ୍ରତିଷ୍ଠିତ ହୋଇଛି। ପେମା ଖାଣ୍ଡୁ ରାଜ୍ୟର ସବୁଠାରୁ କମ୍ ବୟସର ମୁଖ୍ୟମନ୍ତ୍ରୀ ଭାବେ ଶପଥ ନେଇଛନ୍ତି। ତାଙ୍କ ପିତା ଦୋର୍ଜି ଖାଣ୍ଡୁ ମଧ୍ୟ ରାଜ୍ୟର ମୁଖ୍ୟମନ୍ତ୍ରୀ ଥିଲେ। ଦିଲ୍ଲୀ ବିଶ୍ୱବିଦ୍ୟାଳୟରୁ ସ୍ନାତକ ଡିଗ୍ରୀ ହାସଲ କରିଥିବା ପେମା ଖାଣ୍ଡୁ ରାଜ୍ୟରେ ବିକାଶ ଓ ସ୍ଥିରତା ଆଣିବା ପାଇଁ ପ୍ରତିଶ୍ରୁତି ଦେଇଛନ୍ତି। ସେ ଯୁବପିଢ଼ିଙ୍କ ପାଇଁ ଏକ ନୂଆ ଆଶା। ରାଜ୍ୟର ଜନଜାତି ସମ୍ପ୍ରଦାୟ ଓ ସୀମାନ୍ତ ଅଞ୍ଚଳର ବିକାଶ ତାଙ୍କର ପ୍ରାଥମିକତା। ବିଭିନ୍ନ ଦଳର ବିଧାୟକମାନଙ୍କୁ ସାଙ୍ଗରେ ନେଇ ସରକାର ଚଳାଇବା ତାଙ୍କ ପାଇଁ ଏକ ଆହ୍ୱାନ।
–ବିନ୍ଦେନ୍ଦ୍ର
ପାଠକ ଶ୍ରେଷ୍ଠ ବିଚାରକ
ମାନବ ସମ୍ବଳ ସୂଚୀରେ ପଛୁଆ
ମହାଶୟ, ବିଶ୍ୱ ଅର୍ଥନୈତିକ ଫୋରମ ଦ୍ୱାରା ପ୍ରକାଶିତ ଏକ ରିପୋର୍ଟରେ ଦର୍ଶାଯାଇଛି ଯେ, ବିଶ୍ୱ ମାନବ ସମ୍ବଳ ସୂଚୀରେ ଭାରତ ୧୩୦ ଦେଶ ମଧ୍ୟରୁ ୧୦୫ତମ ସ୍ଥାନରେ ରହିଛି। ଚୀନ୍ ୭୧ତମ ଦେଶକୁ ନେଇ ପ୍ରସ୍ତୁତ ହୋଇଥିବା ରିପୋର୍ଟରେ ଭାରତ ୧୦୦ତମ ସ୍ଥାନରେ ରହିଛି। ଶ୍ରୀଲଙ୍କା, ନେପାଳ, ବାଂଲାଦେଶ ଭଳି ପଡ଼ୋଶୀ ଦେଶଠାରୁ ମଧ୍ୟ ଭାରତ ପଛରେ ଅଛି। ଭାରତ ସରକାର ଏ ଦିଗରେ ଧ୍ୟାନ ଦେବା ଆବଶ୍ୟକ।
ଅକ୍ଷୟ କୁମାର ମହାନ୍ତି, ଛାତିଆ, ଜଗତସିଂହପୁର
ଧରିତ୍ରୀର ଆକର୍ଷଣ
ବର୍ତ୍ତମାନ ଧରିତ୍ରୀ ଲୋକପ୍ରିୟତାର ଶୀର୍ଷରେ ନିଜର ଏକ ସ୍ୱତନ୍ତ୍ର ପରିଚୟ ସୃଷ୍ଟି କରିପାରିଛି। ଏହା ଆକର୍ଷଣୀୟ ଓ ସାଧାରଣ ପାଠକଙ୍କ ପାଇଁ ଅତ୍ୟନ୍ତ ଉପାଦେୟ। ଏହାର ପ୍ରଚ୍ଛଦ ସମ୍ପାଦକୀୟ ଓ ବିଭିନ୍ନ ପ୍ରବନ୍ଧ ସୂଚନା ସମୃଦ୍ଧ।
ବିନୋଦ ବିହାରୀ ବେହେରା, ନୂଆଗାଁ, ନୂଆପଡ଼ା, କଟକ
ଡେଙ୍ଗୁ ଆତଙ୍କ
ବର୍ତ୍ତମାନ ଡେଙ୍ଗୁ ରୋଗର ପ୍ରକୋପ ରାଜ୍ୟରେ ବଢ଼ି ଚାଲିଛି। ସ୍ୱାସ୍ଥ୍ୟ ବିଭାଗ ଏହାକୁ ନିୟନ୍ତ୍ରଣ କରିବାରେ ବିଫଳ ହେଉଛି। ଗାଁ ଗହଳିରେ ସଚେତନତା ଅଭାବ ରହିଛି। ସରକାର ତୁରନ୍ତ ପଦକ୍ଷେପ ନେବା ଦରକାର।
ଦଧିବାମନ ଦାସ, କେନ୍ଦୁଝର
ସ୍ୱଚ୍ଛ ଭାରତ ଅଭିଯାନରେ ବାଧକ
ପ୍ରଧାନମନ୍ତ୍ରୀଙ୍କ ସ୍ୱଚ୍ଛ ଭାରତ ଅଭିଯାନ ଏକ ସ୍ୱାଗତଯୋଗ୍ୟ ପଦକ୍ଷେପ। ଭାରତକୁ ସ୍ୱଚ୍ଛ ଓ ସୁନ୍ଦର କରିବା ପାଇଁ ସରକାର ଅନେକ କୋଟି ଟଙ୍କା ଖର୍ଚ୍ଚ କରୁଛନ୍ତି। କିନ୍ତୁ ସାଧାରଣ ଜନତାଙ୍କ ସହଯୋଗ ବିନା ଏହା ସଫଳ ହେବ ନାହିଁ।
କାଳୁଚରଣ ଷଡ଼ଙ୍ଗୀ, ଭବାନୀପାଟଣା, କଳାହାଣ୍ଡି
ଉଦ୍ୟାନ କୃଷିକୁ ଗୁରୁତ୍ୱ ଦିଆଯାଉ
ଧରିତ୍ରୀରେ ଉଦ୍ୟାନ କୃଷି ସମ୍ପର୍କିତ ଏକ ଲେଖା ପ୍ରକାଶ ପାଇଛି। ଓଡ଼ିଶାରେ ଉଦ୍ୟାନ କୃଷିର ଯଥେଷ୍ଟ ସମ୍ଭାବନା ରହିଛି। ସରକାର ଏହି ଦିଗରେ ପ୍ରୋତ୍ସାହନ ଦେଲେ ଚାଷୀମାନେ ଲାଭବାନ ହେବେ।
ବାଳକୃଷ୍ଣ ଷଡ଼ଙ୍ଗୀ, ରାମଚନ୍ଦ୍ରପୁର ଶାସନ, ରସୁଲପୁର, ନୟାଗଡ଼
ପାଠକ ଶ୍ରେଷ୍ଠ ବିଚାରକ ସ୍ତମ୍ଭ ପାଇଁ ଚିଠି ପଠାଇବାର ଠିକଣା: ସମ୍ପାଦକ, ଧରିତ୍ରୀ, ବି-୨୧, ରସୁଲଗଡ଼ ଶିଳ୍ପାଞ୍ଚଳ, ଭୁବନେଶ୍ୱର-୭୫୧୦୧୦
E-mail:dharitripress@gmail.com
(Use only for letters to Editor, news & news photos)
E-mail:advt@dharitri.com
:miku11@yahoo.com:(Use only for advertisements, commercial queries)
su do ku ସୁ-ଡୋ-କୁ
	2		D					6
4					A	C	7	
			9				4	D
8		E		5	9	2		1
		D	B			C	7	
9	3	2		1			C	B
A	1	5		C	4		8	
3								F
8		B	1		0			5
	3		A	C			B	9
E	7			1				
	4				7		1	
ଏହାର ଉତ୍ତର ଆସନ୍ତାକାଲି ପ୍ରକାଶ ପାଇବ
ଉପରେ ପ୍ରଦତ୍ତ ସୁଡୋକୁରେ ଦଶଟି ସଂଖ୍ୟା ଓ A, B, C, D, E, F ଅକ୍ଷରକୁ ଏପରି ଭାବେ ସଜାନ୍ତୁ ଯେପରି ପ୍ରତ୍ୟେକ ଧାଡ଼ି, ସ୍ତମ୍ଭ ଓ ବାକ୍ସରେ ଗୋଟିଏ ଥରକୁ ଅଧିକ ନ ରହେ।

ଗତକାଲିର ଉତ୍ତର
23
